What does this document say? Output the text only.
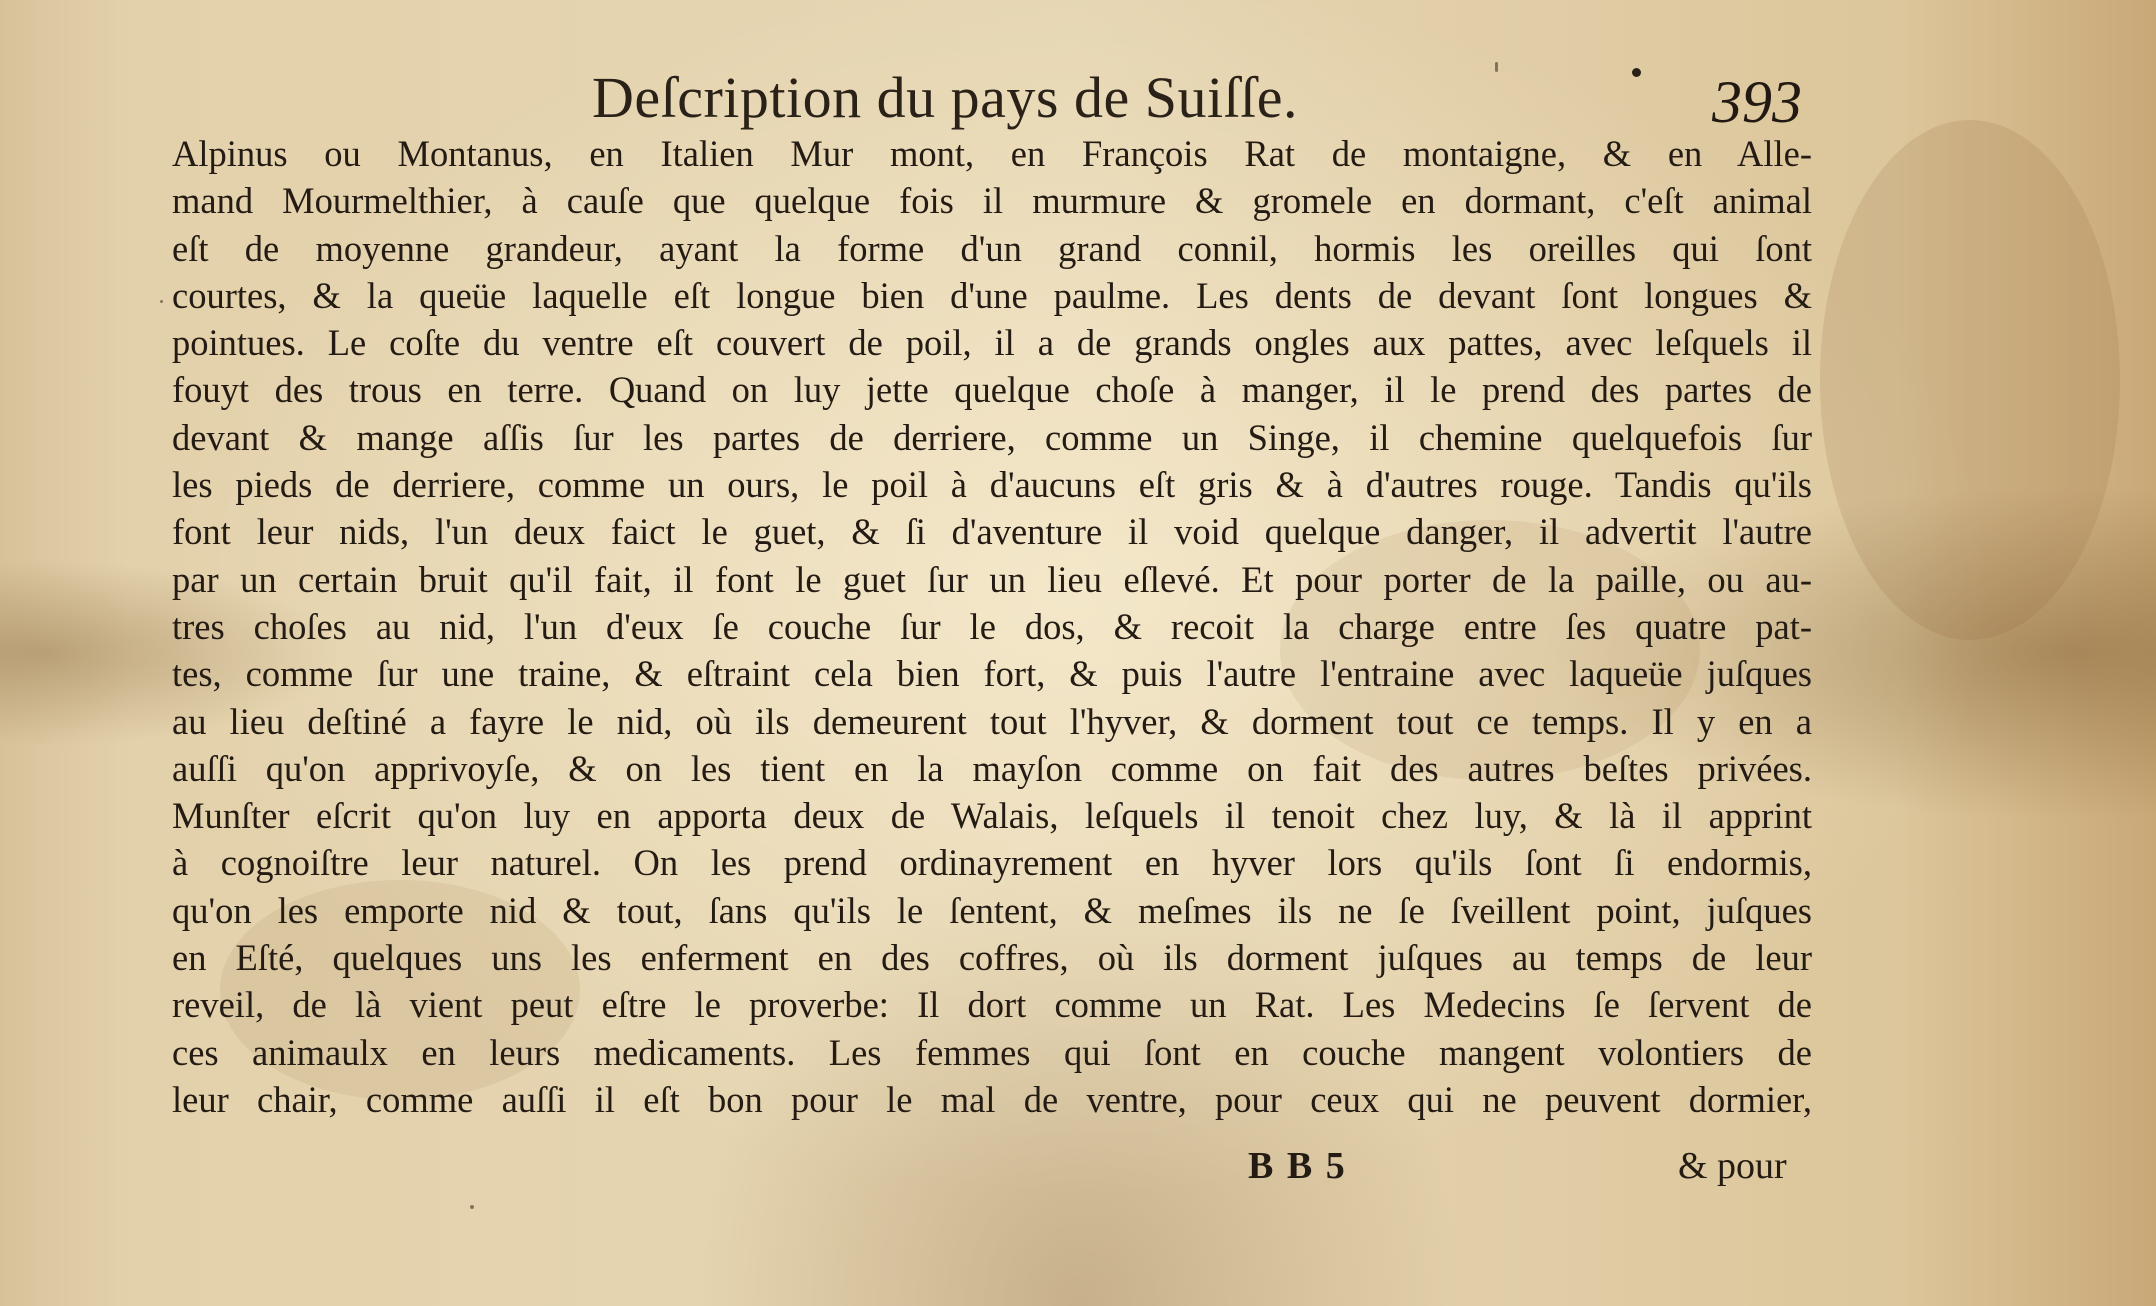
Deſcription du pays de Suiſſe.	393
Alpinus ou Montanus, en Italien Mur mont, en François Rat de montaigne, & en Alle-
mand Mourmelthier, à cauſe que quelque fois il murmure & gromele en dormant, c'eſt animal
eſt de moyenne grandeur, ayant la forme d'un grand connil, hormis les oreilles qui ſont
courtes, & la queüe laquelle eſt longue bien d'une paulme. Les dents de devant ſont longues &
pointues. Le coſte du ventre eſt couvert de poil, il a de grands ongles aux pattes, avec leſquels il
fouyt des trous en terre. Quand on luy jette quelque choſe à manger, il le prend des partes de
devant & mange aſſis ſur les partes de derriere, comme un Singe, il chemine quelquefois ſur
les pieds de derriere, comme un ours, le poil à d'aucuns eſt gris & à d'autres rouge. Tandis qu'ils
font leur nids, l'un deux faict le guet, & ſi d'aventure il void quelque danger, il advertit l'autre
par un certain bruit qu'il fait, il font le guet ſur un lieu eſlevé. Et pour porter de la paille, ou au-
tres choſes au nid, l'un d'eux ſe couche ſur le dos, & recoit la charge entre ſes quatre pat-
tes, comme ſur une traine, & eſtraint cela bien fort, & puis l'autre l'entraine avec laqueüe juſques
au lieu deſtiné a fayre le nid, où ils demeurent tout l'hyver, & dorment tout ce temps. Il y en a
auſſi qu'on apprivoyſe, & on les tient en la mayſon comme on fait des autres beſtes privées.
Munſter eſcrit qu'on luy en apporta deux de Walais, leſquels il tenoit chez luy, & là il apprint
à cognoiſtre leur naturel. On les prend ordinayrement en hyver lors qu'ils ſont ſi endormis,
qu'on les emporte nid & tout, ſans qu'ils le ſentent, & meſmes ils ne ſe ſveillent point, juſques
en Eſté, quelques uns les enferment en des coffres, où ils dorment juſques au temps de leur
reveil, de là vient peut eſtre le proverbe: Il dort comme un Rat. Les Medecins ſe ſervent de
ces animaulx en leurs medicaments. Les femmes qui ſont en couche mangent volontiers de
leur chair, comme auſſi il eſt bon pour le mal de ventre, pour ceux qui ne peuvent dormier,
B B 5	& pour
